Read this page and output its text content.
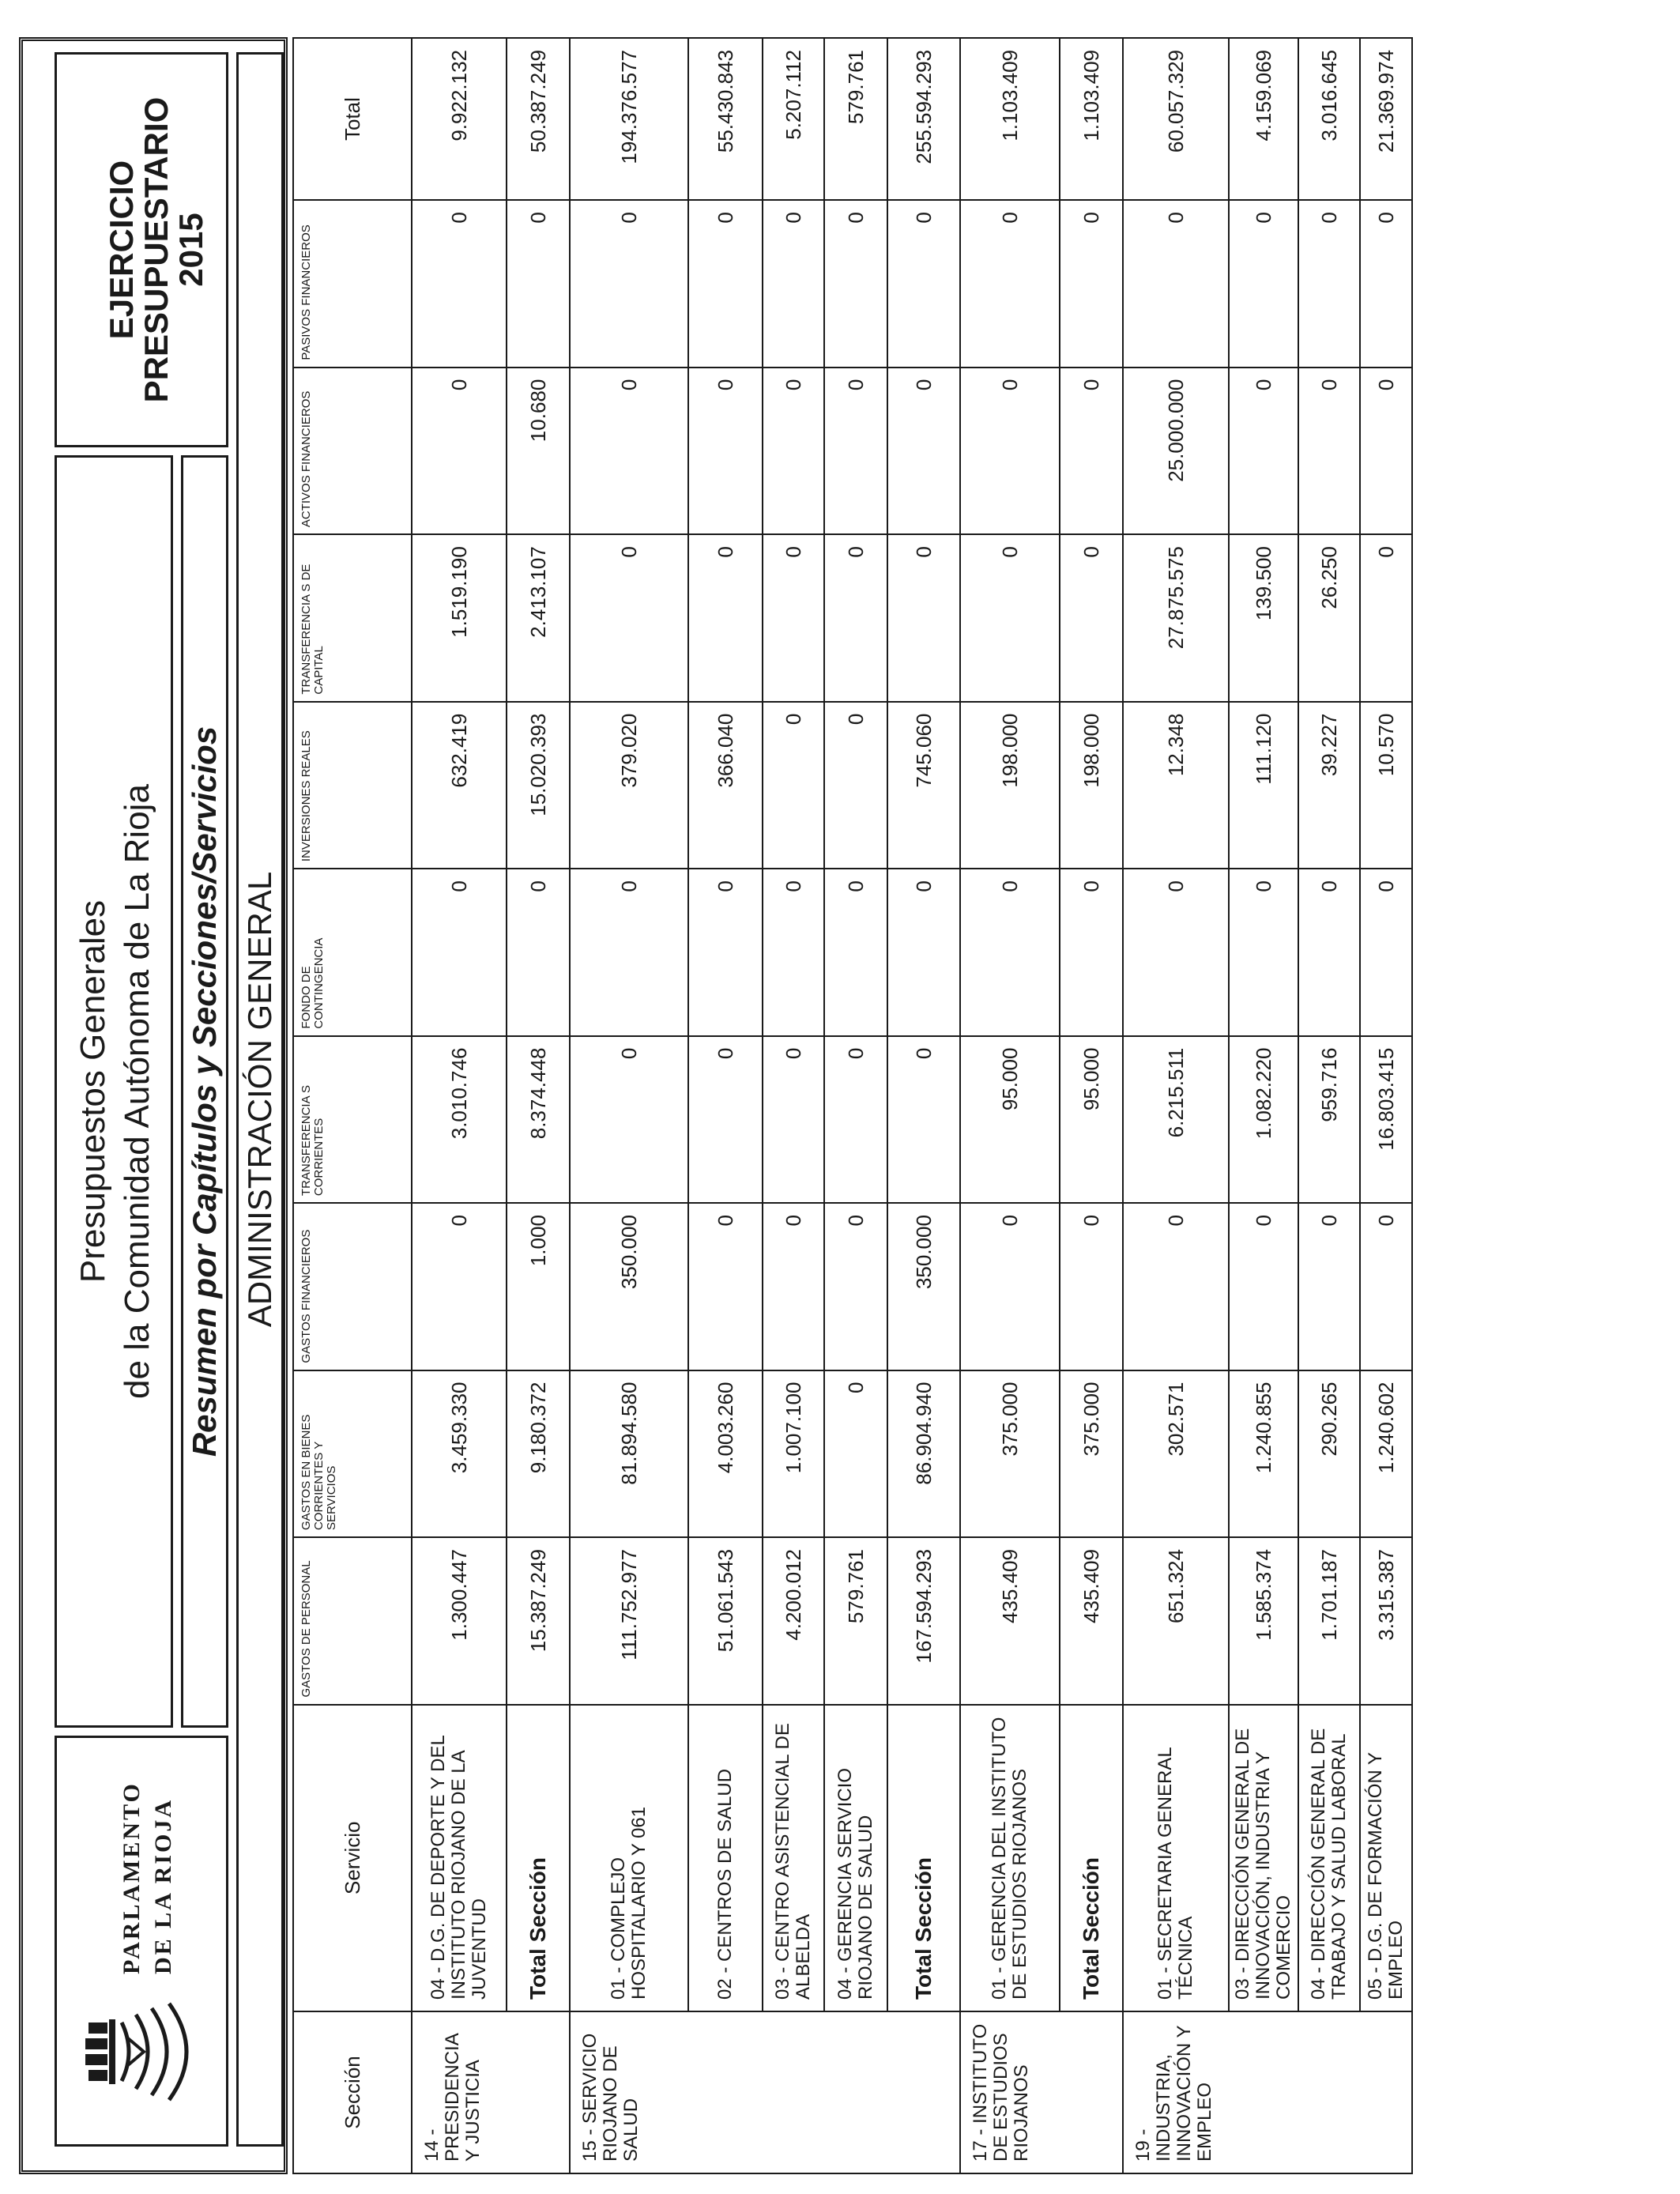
PARLAMENTO DE LA RIOJA
Presupuestos Generales de la Comunidad Autónoma de La Rioja Resumen por Capítulos y Secciones/Servicios
EJERCICIO
PRESUPUESTARIO
2015
ADMINISTRACIÓN GENERAL
Sección	Servicio	GASTOS DE PERSONAL	GASTOS EN BIENES CORRIENTES Y SERVICIOS	GASTOS FINANCIEROS	TRANSFERENCIA S CORRIENTES	FONDO DE CONTINGENCIA	INVERSIONES REALES	TRANSFERENCIA S DE CAPITAL	ACTIVOS FINANCIEROS	PASIVOS FINANCIEROS	Total
14 - PRESIDENCIA Y JUSTICIA	04 - D.G. DE DEPORTE Y DEL INSTITUTO RIOJANO DE LA JUVENTUD	1.300.447	3.459.330	0	3.010.746	0	632.419	1.519.190	0	0	9.922.132
	Total Sección	15.387.249	9.180.372	1.000	8.374.448	0	15.020.393	2.413.107	10.680	0	50.387.249
15 - SERVICIO RIOJANO DE SALUD	01 - COMPLEJO HOSPITALARIO Y 061	111.752.977	81.894.580	350.000	0	0	379.020	0	0	0	194.376.577
	02 - CENTROS DE SALUD	51.061.543	4.003.260	0	0	0	366.040	0	0	0	55.430.843
	03 - CENTRO ASISTENCIAL DE ALBELDA	4.200.012	1.007.100	0	0	0	0	0	0	0	5.207.112
	04 - GERENCIA SERVICIO RIOJANO DE SALUD	579.761	0	0	0	0	0	0	0	0	579.761
	Total Sección	167.594.293	86.904.940	350.000	0	0	745.060	0	0	0	255.594.293
17 - INSTITUTO DE ESTUDIOS RIOJANOS	01 - GERENCIA DEL INSTITUTO DE ESTUDIOS RIOJANOS	435.409	375.000	0	95.000	0	198.000	0	0	0	1.103.409
	Total Sección	435.409	375.000	0	95.000	0	198.000	0	0	0	1.103.409
19 - INDUSTRIA, INNOVACIÓN Y EMPLEO	01 - SECRETARIA GENERAL TÉCNICA	651.324	302.571	0	6.215.511	0	12.348	27.875.575	25.000.000	0	60.057.329
	03 - DIRECCIÓN GENERAL DE INNOVACIÓN, INDUSTRIA Y COMERCIO	1.585.374	1.240.855	0	1.082.220	0	111.120	139.500	0	0	4.159.069
	04 - DIRECCIÓN GENERAL DE TRABAJO Y SALUD LABORAL	1.701.187	290.265	0	959.716	0	39.227	26.250	0	0	3.016.645
	05 - D.G. DE FORMACIÓN Y EMPLEO	3.315.387	1.240.602	0	16.803.415	0	10.570	0	0	0	21.369.974
